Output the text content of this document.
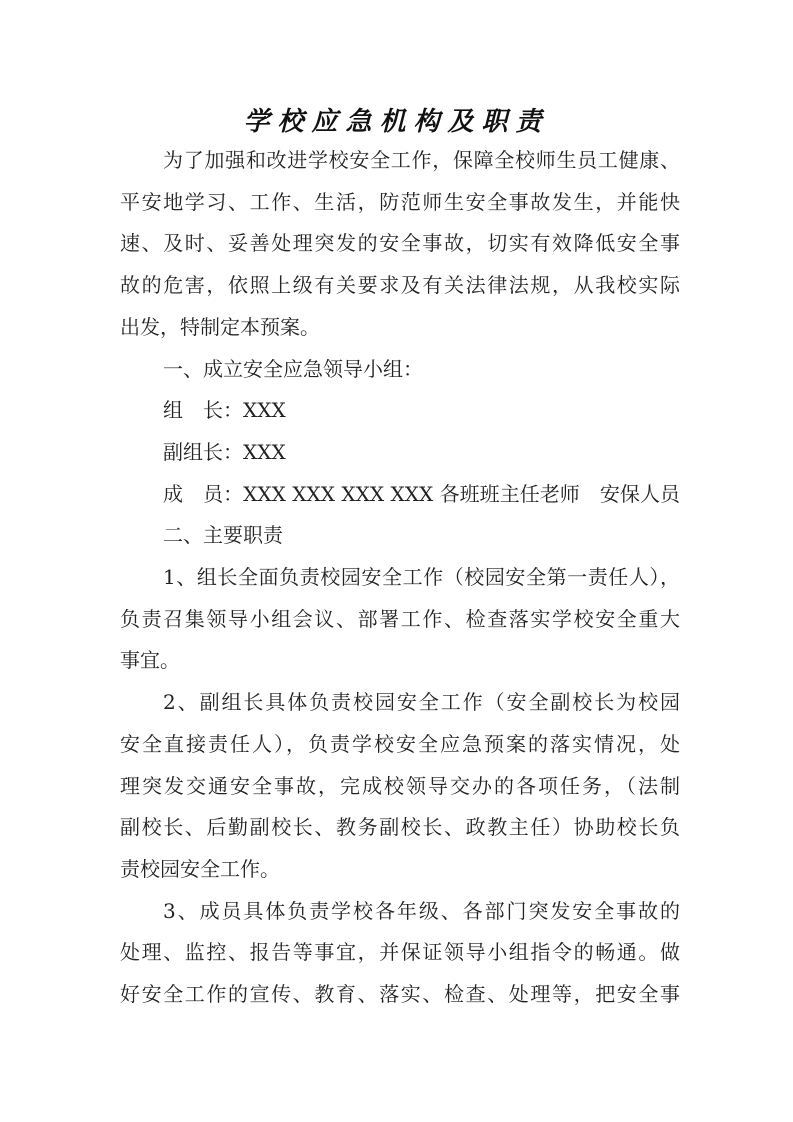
学校应急机构及职责
为了加强和改进学校安全工作，保障全校师生员工健康、
平安地学习、工作、生活，防范师生安全事故发生，并能快
速、及时、妥善处理突发的安全事故，切实有效降低安全事
故的危害，依照上级有关要求及有关法律法规，从我校实际
出发，特制定本预案。
一、成立安全应急领导小组：
组　长：XXX
副组长：XXX
成　员：XXX XXX XXX XXX 各班班主任老师　安保人员
二、主要职责
1、组长全面负责校园安全工作（校园安全第一责任人），
负责召集领导小组会议、部署工作、检查落实学校安全重大
事宜。
2、副组长具体负责校园安全工作（安全副校长为校园
安全直接责任人），负责学校安全应急预案的落实情况，处
理突发交通安全事故，完成校领导交办的各项任务，（法制
副校长、后勤副校长、教务副校长、政教主任）协助校长负
责校园安全工作。
3、成员具体负责学校各年级、各部门突发安全事故的
处理、监控、报告等事宜，并保证领导小组指令的畅通。做
好安全工作的宣传、教育、落实、检查、处理等，把安全事
